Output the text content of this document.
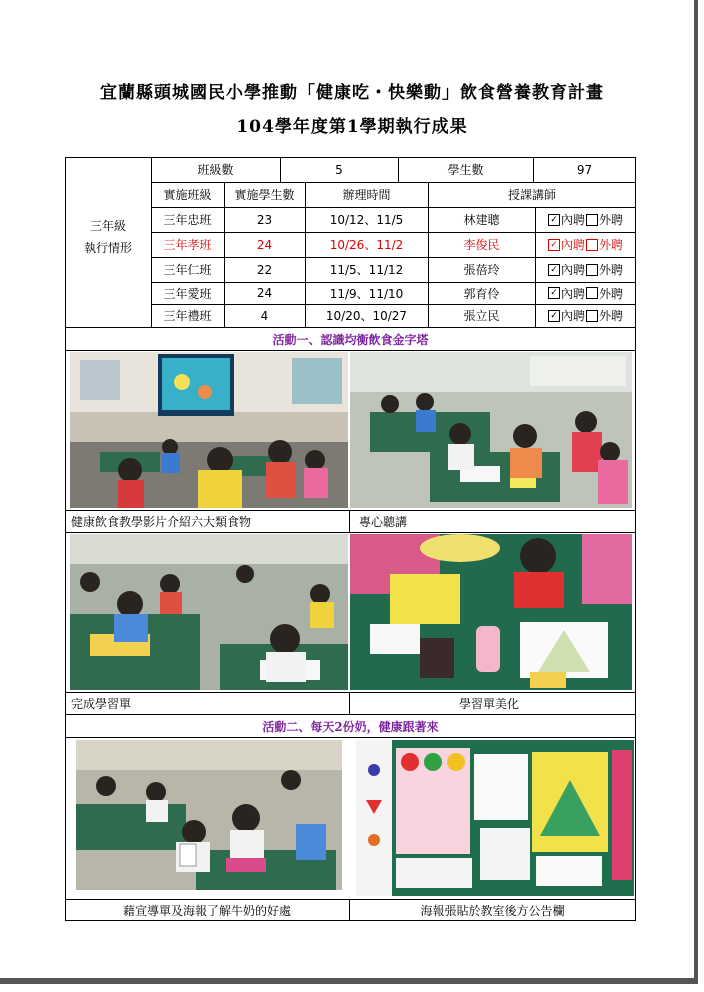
宜蘭縣頭城國民小學推動「健康吃・快樂動」飲食營養教育計畫
104學年度第1學期執行成果
三年級
執行情形
班級數	5	學生數	97
實施班級	實施學生數	辦理時間	授課講師
三年忠班	23	10/12、11/5	林建聰	✓ 內聘 外聘
三年孝班	24	10/26、11/2	李俊民	✓ 內聘 外聘
三年仁班	22	11/5、11/12	張蓓玲	✓ 內聘 外聘
三年愛班	24	11/9、11/10	郭育伶	✓ 內聘 外聘
三年禮班	4	10/20、10/27	張立民	✓ 內聘 外聘
活動一、認識均衡飲食金字塔
健康飲食教學影片介紹六大類食物	專心聽講
完成學習單	學習單美化
活動二、每天2份奶，健康跟著來
藉宣導單及海報了解牛奶的好處	海報張貼於教室後方公告欄
